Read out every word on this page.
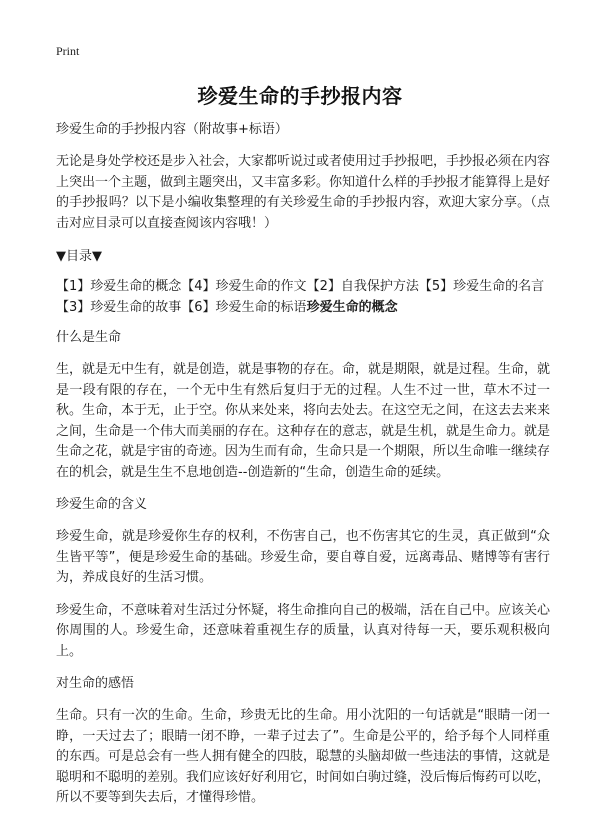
Print
珍爱生命的手抄报内容

珍爱生命的手抄报内容（附故事+标语）

无论是身处学校还是步入社会，大家都听说过或者使用过手抄报吧，手抄报必须在内容上突出一个主题，做到主题突出，又丰富多彩。你知道什么样的手抄报才能算得上是好的手抄报吗？以下是小编收集整理的有关珍爱生命的手抄报内容，欢迎大家分享。（点击对应目录可以直接查阅该内容哦！）

▼目录▼

【1】珍爱生命的概念【4】珍爱生命的作文【2】自我保护方法【5】珍爱生命的名言【3】珍爱生命的故事【6】珍爱生命的标语珍爱生命的概念

什么是生命

生，就是无中生有，就是创造，就是事物的存在。命，就是期限，就是过程。生命，就是一段有限的存在，一个无中生有然后复归于无的过程。人生不过一世，草木不过一秋。生命，本于无，止于空。你从来处来，将向去处去。在这空无之间，在这去去来来之间，生命是一个伟大而美丽的存在。这种存在的意志，就是生机，就是生命力。就是生命之花，就是宇宙的奇迹。因为生而有命，生命只是一个期限，所以生命唯一继续存在的机会，就是生生不息地创造--创造新的“生命，创造生命的延续。

珍爱生命的含义

珍爱生命，就是珍爱你生存的权利，不伤害自己，也不伤害其它的生灵，真正做到“众生皆平等”，便是珍爱生命的基础。珍爱生命，要自尊自爱，远离毒品、赌博等有害行为，养成良好的生活习惯。

珍爱生命，不意味着对生活过分怀疑，将生命推向自己的极端，活在自己中。应该关心你周围的人。珍爱生命，还意味着重视生存的质量，认真对待每一天，要乐观积极向上。

对生命的感悟

生命。只有一次的生命。生命，珍贵无比的生命。用小沈阳的一句话就是“眼睛一闭一睁，一天过去了；眼睛一闭不睁，一辈子过去了”。生命是公平的，给予每个人同样重的东西。可是总会有一些人拥有健全的四肢，聪慧的头脑却做一些违法的事情，这就是聪明和不聪明的差别。我们应该好好利用它，时间如白驹过缝，没后悔后悔药可以吃，所以不要等到失去后，才懂得珍惜。
